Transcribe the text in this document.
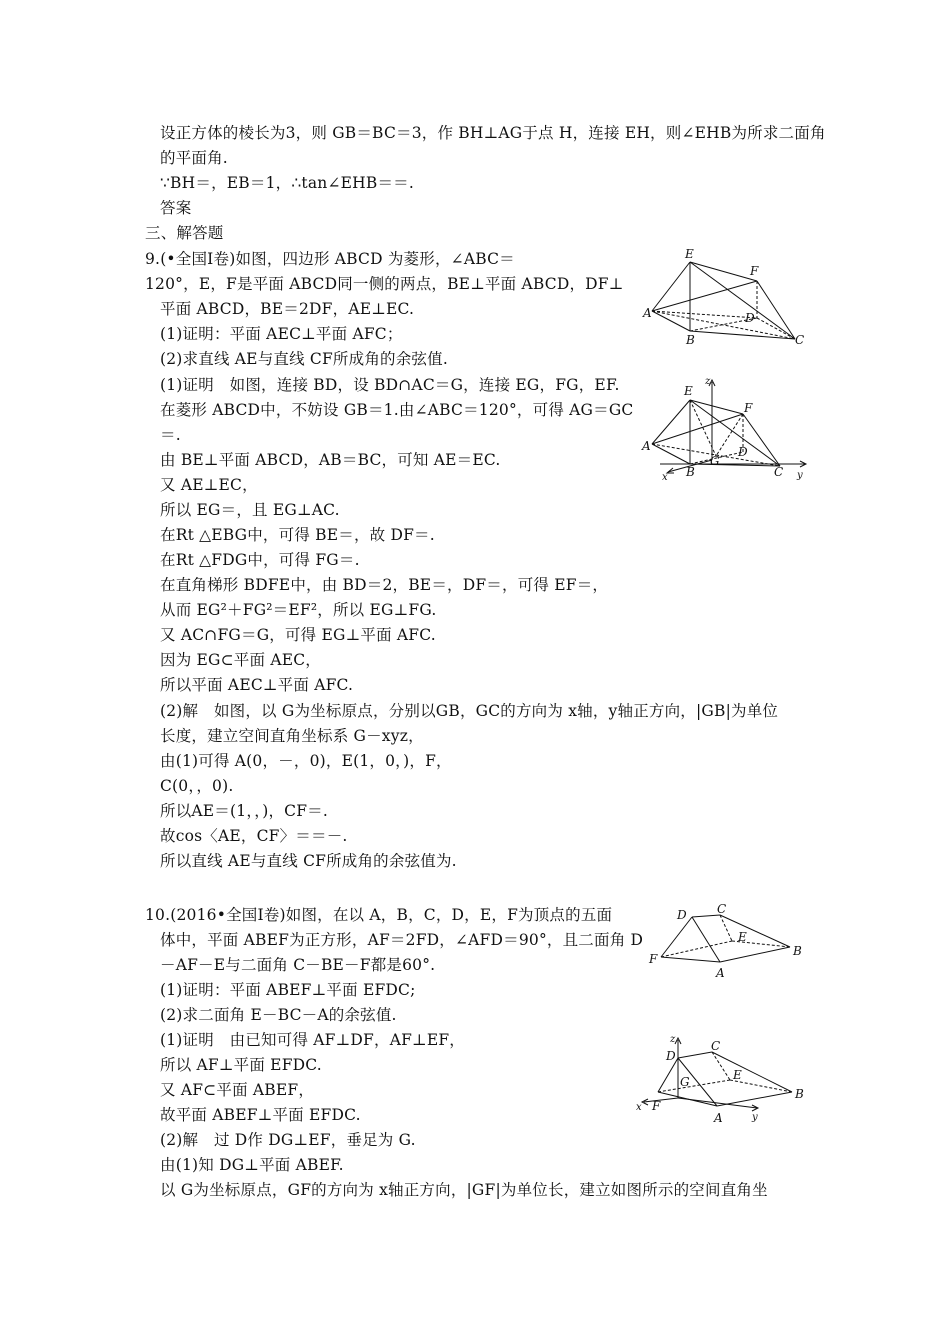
设正方体的棱长为3，则 GB＝BC＝3，作 BH⊥AG于点 H，连接 EH，则∠EHB为所求二面角
的平面角.
∵BH＝，EB＝1，∴tan∠EHB＝＝.
答案
三、解答题
9.(•全国Ⅰ卷)如图，四边形 ABCD 为菱形，∠ABC＝
120°，E，F是平面 ABCD同一侧的两点，BE⊥平面 ABCD，DF⊥
平面 ABCD，BE＝2DF，AE⊥EC.
(1)证明：平面 AEC⊥平面 AFC；
(2)求直线 AE与直线 CF所成角的余弦值.
(1)证明　如图，连接 BD，设 BD∩AC＝G，连接 EG，FG，EF.
在菱形 ABCD中，不妨设 GB＝1.由∠ABC＝120°，可得 AG＝GC
＝.
由 BE⊥平面 ABCD，AB＝BC，可知 AE＝EC.
又 AE⊥EC，
所以 EG＝，且 EG⊥AC.
在Rt △EBG中，可得 BE＝，故 DF＝.
在Rt △FDG中，可得 FG＝.
在直角梯形 BDFE中，由 BD＝2，BE＝，DF＝，可得 EF＝，
从而 EG²＋FG²＝EF²，所以 EG⊥FG.
又 AC∩FG＝G，可得 EG⊥平面 AFC.
因为 EG⊂平面 AEC，
所以平面 AEC⊥平面 AFC.
(2)解　如图，以 G为坐标原点，分别以GB，GC的方向为 x轴，y轴正方向，|GB|为单位
长度，建立空间直角坐标系 G－xyz，
由(1)可得 A(0，－，0)，E(1，0，)，F，
C(0，，0).
所以AE＝(1，，)，CF＝.
故cos〈AE，CF〉＝＝－.
所以直线 AE与直线 CF所成角的余弦值为.
E
F
A	D
B	C
z
E
F
A
G
D
B	C
x	y
10.(2016•全国Ⅰ卷)如图，在以 A，B，C，D，E，F为顶点的五面
体中，平面 ABEF为正方形，AF＝2FD，∠AFD＝90°，且二面角 D
－AF－E与二面角 C－BE－F都是60°.
(1)证明：平面 ABEF⊥平面 EFDC;
(2)求二面角 E－BC－A的余弦值.
(1)证明　由已知可得 AF⊥DF，AF⊥EF，
所以 AF⊥平面 EFDC.
又 AF⊂平面 ABEF，
故平面 ABEF⊥平面 EFDC.
(2)解　过 D作 DG⊥EF，垂足为 G.
由(1)知 DG⊥平面 ABEF.
以 G为坐标原点，GF的方向为 x轴正方向，|GF|为单位长，建立如图所示的空间直角坐
D	C
E
F
B
A
z
D
C
G	E
B
x F
A	y
